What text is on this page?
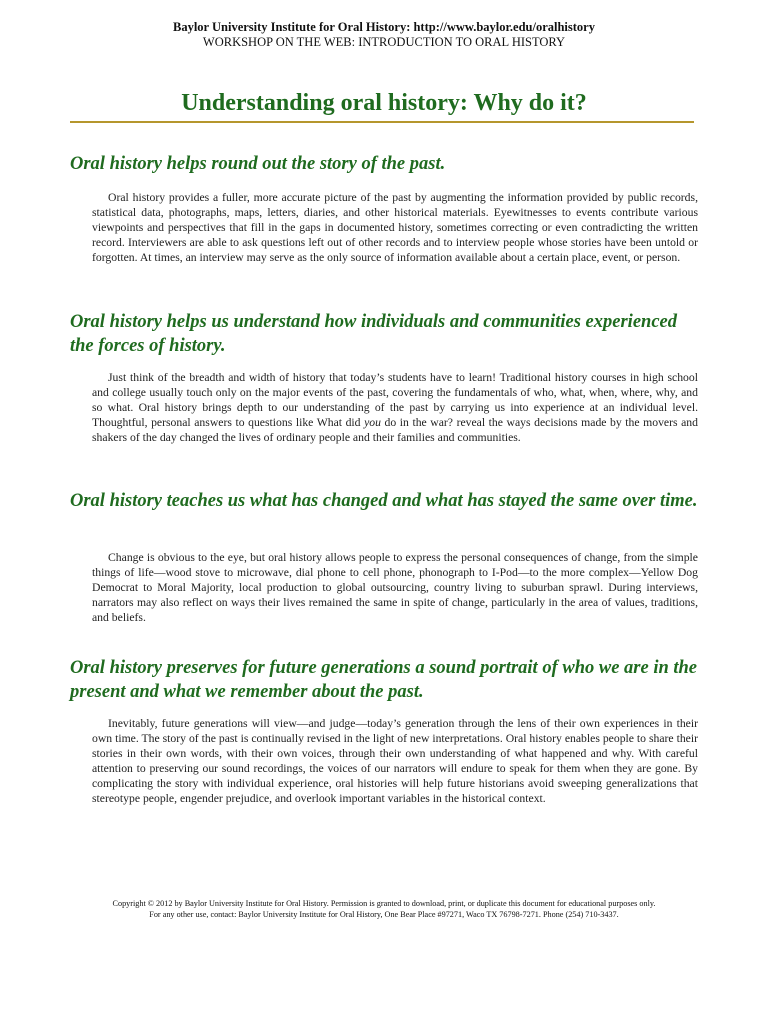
Baylor University Institute for Oral History: http://www.baylor.edu/oralhistory
WORKSHOP ON THE WEB: INTRODUCTION TO ORAL HISTORY
Understanding oral history: Why do it?
Oral history helps round out the story of the past.

Oral history provides a fuller, more accurate picture of the past by augmenting the information provided by public records, statistical data, photographs, maps, letters, diaries, and other historical materials. Eyewitnesses to events contribute various viewpoints and perspectives that fill in the gaps in documented history, sometimes correcting or even contradicting the written record. Interviewers are able to ask questions left out of other records and to interview people whose stories have been untold or forgotten. At times, an interview may serve as the only source of information available about a certain place, event, or person.

Oral history helps us understand how individuals and communities experienced the forces of history.

Just think of the breadth and width of history that today’s students have to learn! Traditional history courses in high school and college usually touch only on the major events of the past, covering the fundamentals of who, what, when, where, why, and so what. Oral history brings depth to our understanding of the past by carrying us into experience at an individual level. Thoughtful, personal answers to questions like What did you do in the war? reveal the ways decisions made by the movers and shakers of the day changed the lives of ordinary people and their families and communities.

Oral history teaches us what has changed and what has stayed the same over time.

Change is obvious to the eye, but oral history allows people to express the personal consequences of change, from the simple things of life—wood stove to microwave, dial phone to cell phone, phonograph to I-Pod—to the more complex—Yellow Dog Democrat to Moral Majority, local production to global outsourcing, country living to suburban sprawl. During interviews, narrators may also reflect on ways their lives remained the same in spite of change, particularly in the area of values, traditions, and beliefs.

Oral history preserves for future generations a sound portrait of who we are in the present and what we remember about the past.

Inevitably, future generations will view—and judge—today’s generation through the lens of their own experiences in their own time. The story of the past is continually revised in the light of new interpretations. Oral history enables people to share their stories in their own words, with their own voices, through their own understanding of what happened and why. With careful attention to preserving our sound recordings, the voices of our narrators will endure to speak for them when they are gone. By complicating the story with individual experience, oral histories will help future historians avoid sweeping generalizations that stereotype people, engender prejudice, and overlook important variables in the historical context.

Copyright © 2012 by Baylor University Institute for Oral History. Permission is granted to download, print, or duplicate this document for educational purposes only.
For any other use, contact: Baylor University Institute for Oral History, One Bear Place #97271, Waco TX 76798-7271. Phone (254) 710-3437.
